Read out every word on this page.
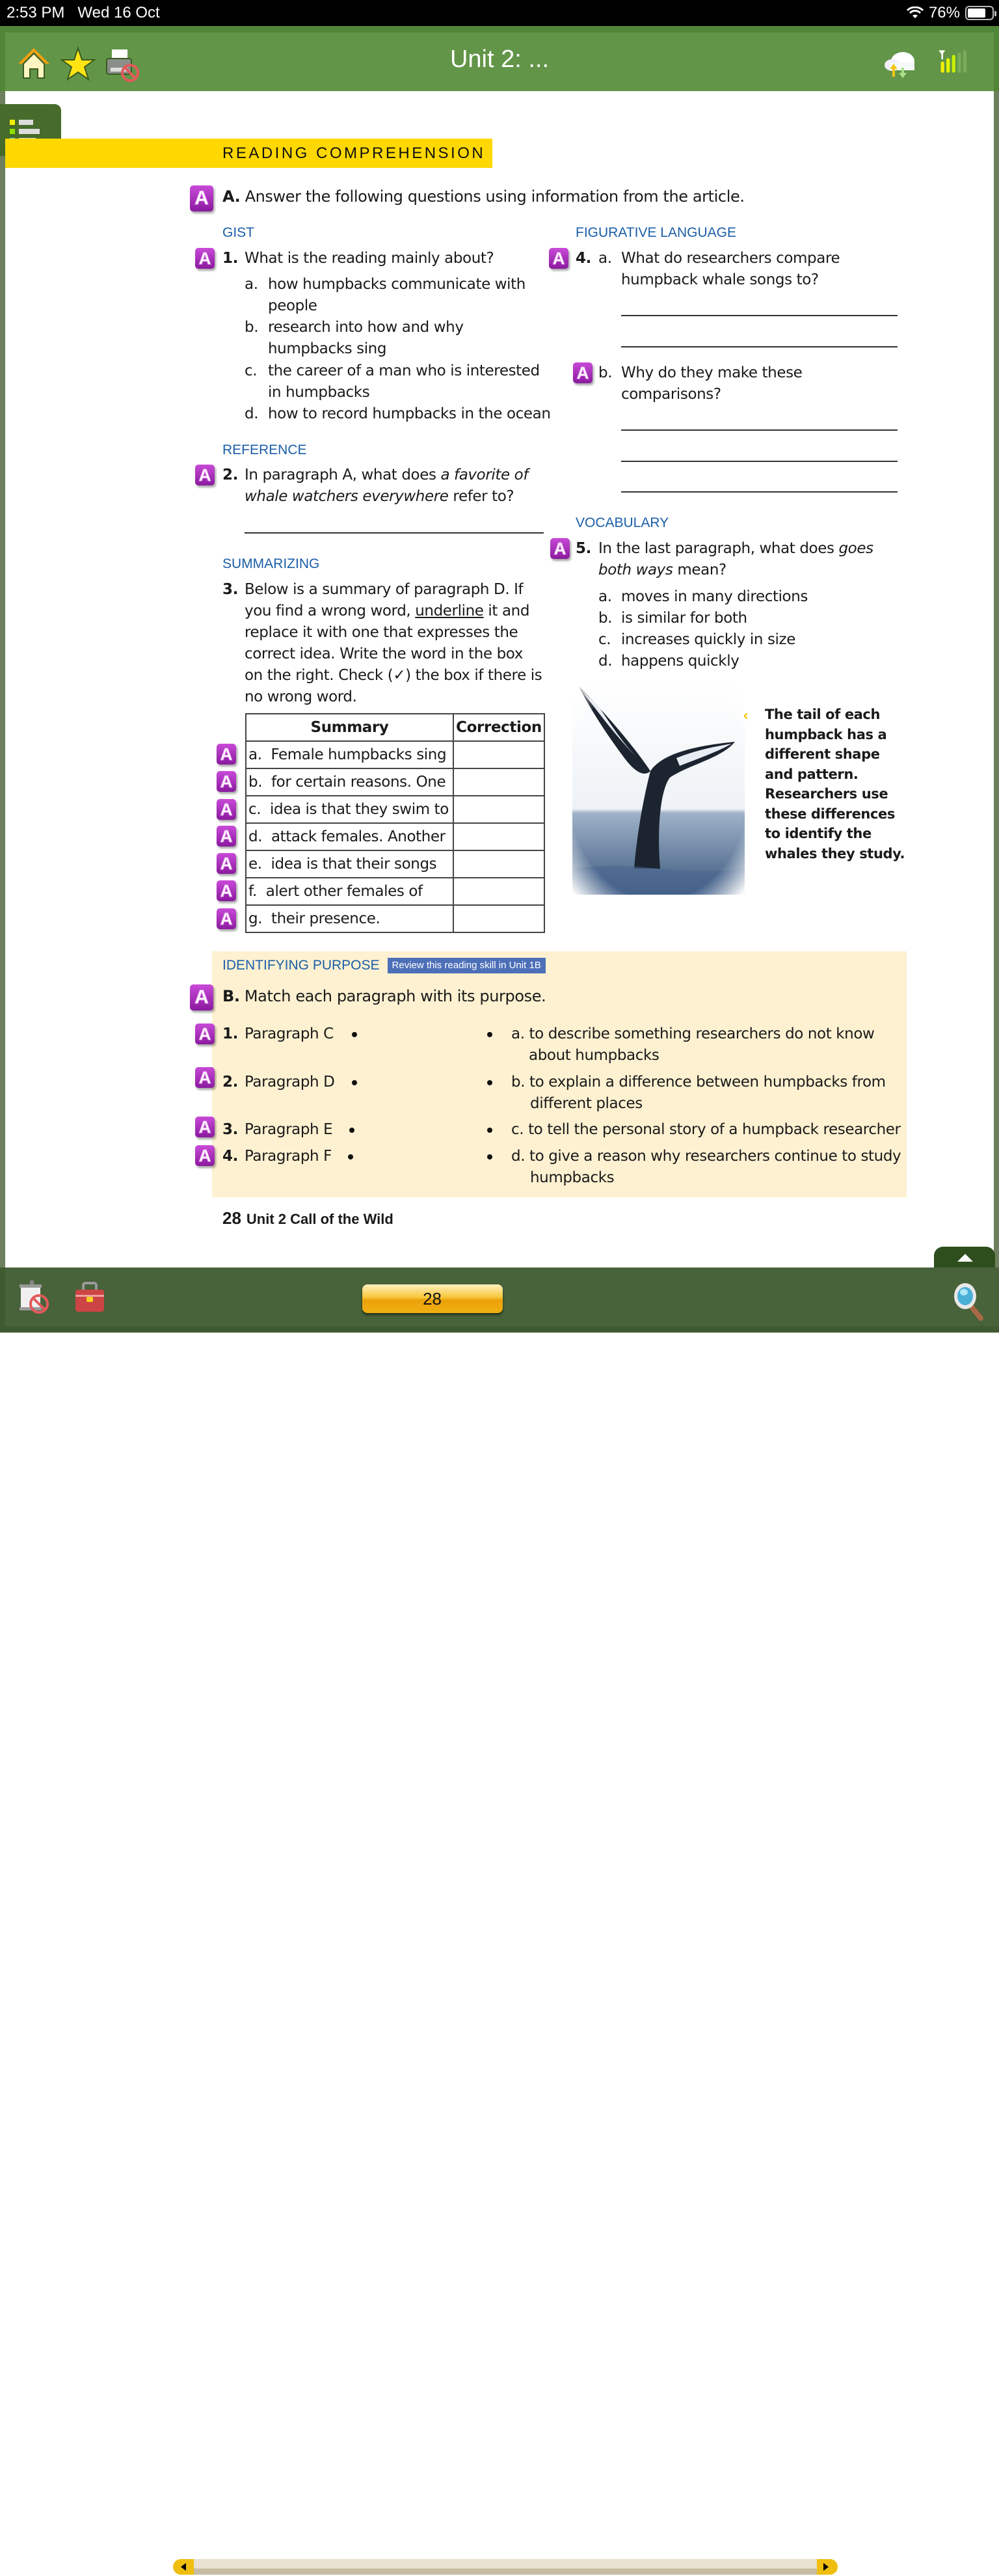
2:53 PM Wed 16 Oct	76%
Unit 2: ...
READING COMPREHENSION
A A. Answer the following questions using information from the article.
GIST
A 1. What is the reading mainly about?
a. how humpbacks communicate with
people
b. research into how and why
humpbacks sing
c. the career of a man who is interested
in humpbacks
d. how to record humpbacks in the ocean
REFERENCE
A 2. In paragraph A, what does a favorite of
whale watchers everywhere refer to?
SUMMARIZING
3. Below is a summary of paragraph D. If
you find a wrong word, underline it and
replace it with one that expresses the
correct idea. Write the word in the box
on the right. Check (✓) the box if there is
no wrong word.
Summary	Correction
a. Female humpbacks sing	
b. for certain reasons. One	
c. idea is that they swim to	
d. attack females. Another	
e. idea is that their songs	
f. alert other females of	
g. their presence.	
A
A
A
A
A
A
A
FIGURATIVE LANGUAGE
A 4. a. What do researchers compare
humpback whale songs to?
A b. Why do they make these
comparisons?
VOCABULARY
A 5. In the last paragraph, what does goes
both ways mean?
a. moves in many directions
b. is similar for both
c. increases quickly in size
d. happens quickly
‹ The tail of each
humpback has a
different shape
and pattern.
Researchers use
these differences
to identify the
whales they study.
IDENTIFYING PURPOSE	Review this reading skill in Unit 1B
A B. Match each paragraph with its purpose.
A 1. Paragraph C
A 2. Paragraph D
A 3. Paragraph E
A 4. Paragraph F
a. to describe something researchers do not know
about humpbacks
b. to explain a difference between humpbacks from
different places
c. to tell the personal story of a humpback researcher
d. to give a reason why researchers continue to study
humpbacks
28 Unit 2 Call of the Wild
28
